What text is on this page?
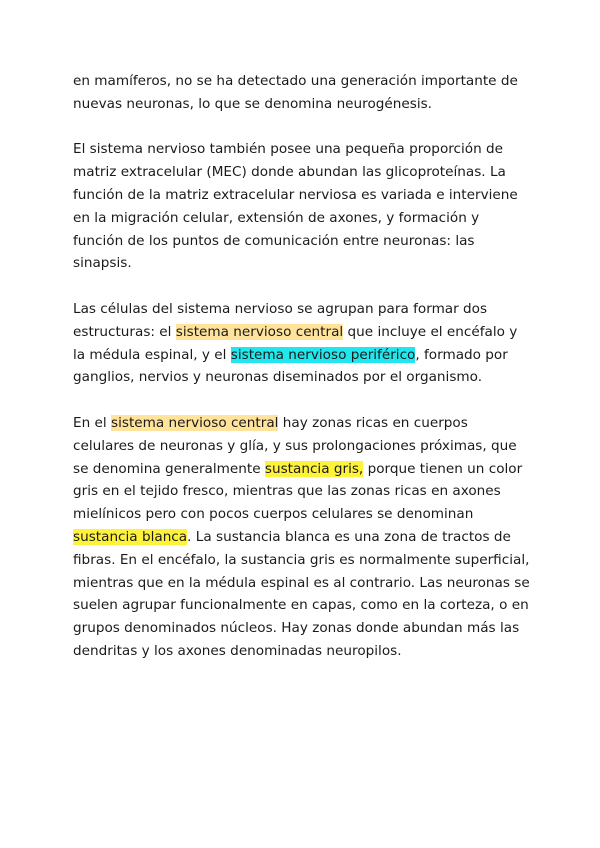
en mamíferos, no se ha detectado una generación importante de nuevas neuronas, lo que se denomina neurogénesis.

El sistema nervioso también posee una pequeña proporción de matriz extracelular (MEC) donde abundan las glicoproteínas. La función de la matriz extracelular nerviosa es variada e interviene en la migración celular, extensión de axones, y formación y función de los puntos de comunicación entre neuronas: las sinapsis.

Las células del sistema nervioso se agrupan para formar dos estructuras: el sistema nervioso central que incluye el encéfalo y la médula espinal, y el sistema nervioso periférico, formado por ganglios, nervios y neuronas diseminados por el organismo.

En el sistema nervioso central hay zonas ricas en cuerpos celulares de neuronas y glía, y sus prolongaciones próximas, que se denomina generalmente sustancia gris, porque tienen un color gris en el tejido fresco, mientras que las zonas ricas en axones mielínicos pero con pocos cuerpos celulares se denominan sustancia blanca. La sustancia blanca es una zona de tractos de fibras. En el encéfalo, la sustancia gris es normalmente superficial, mientras que en la médula espinal es al contrario. Las neuronas se suelen agrupar funcionalmente en capas, como en la corteza, o en grupos denominados núcleos. Hay zonas donde abundan más las dendritas y los axones denominadas neuropilos.
